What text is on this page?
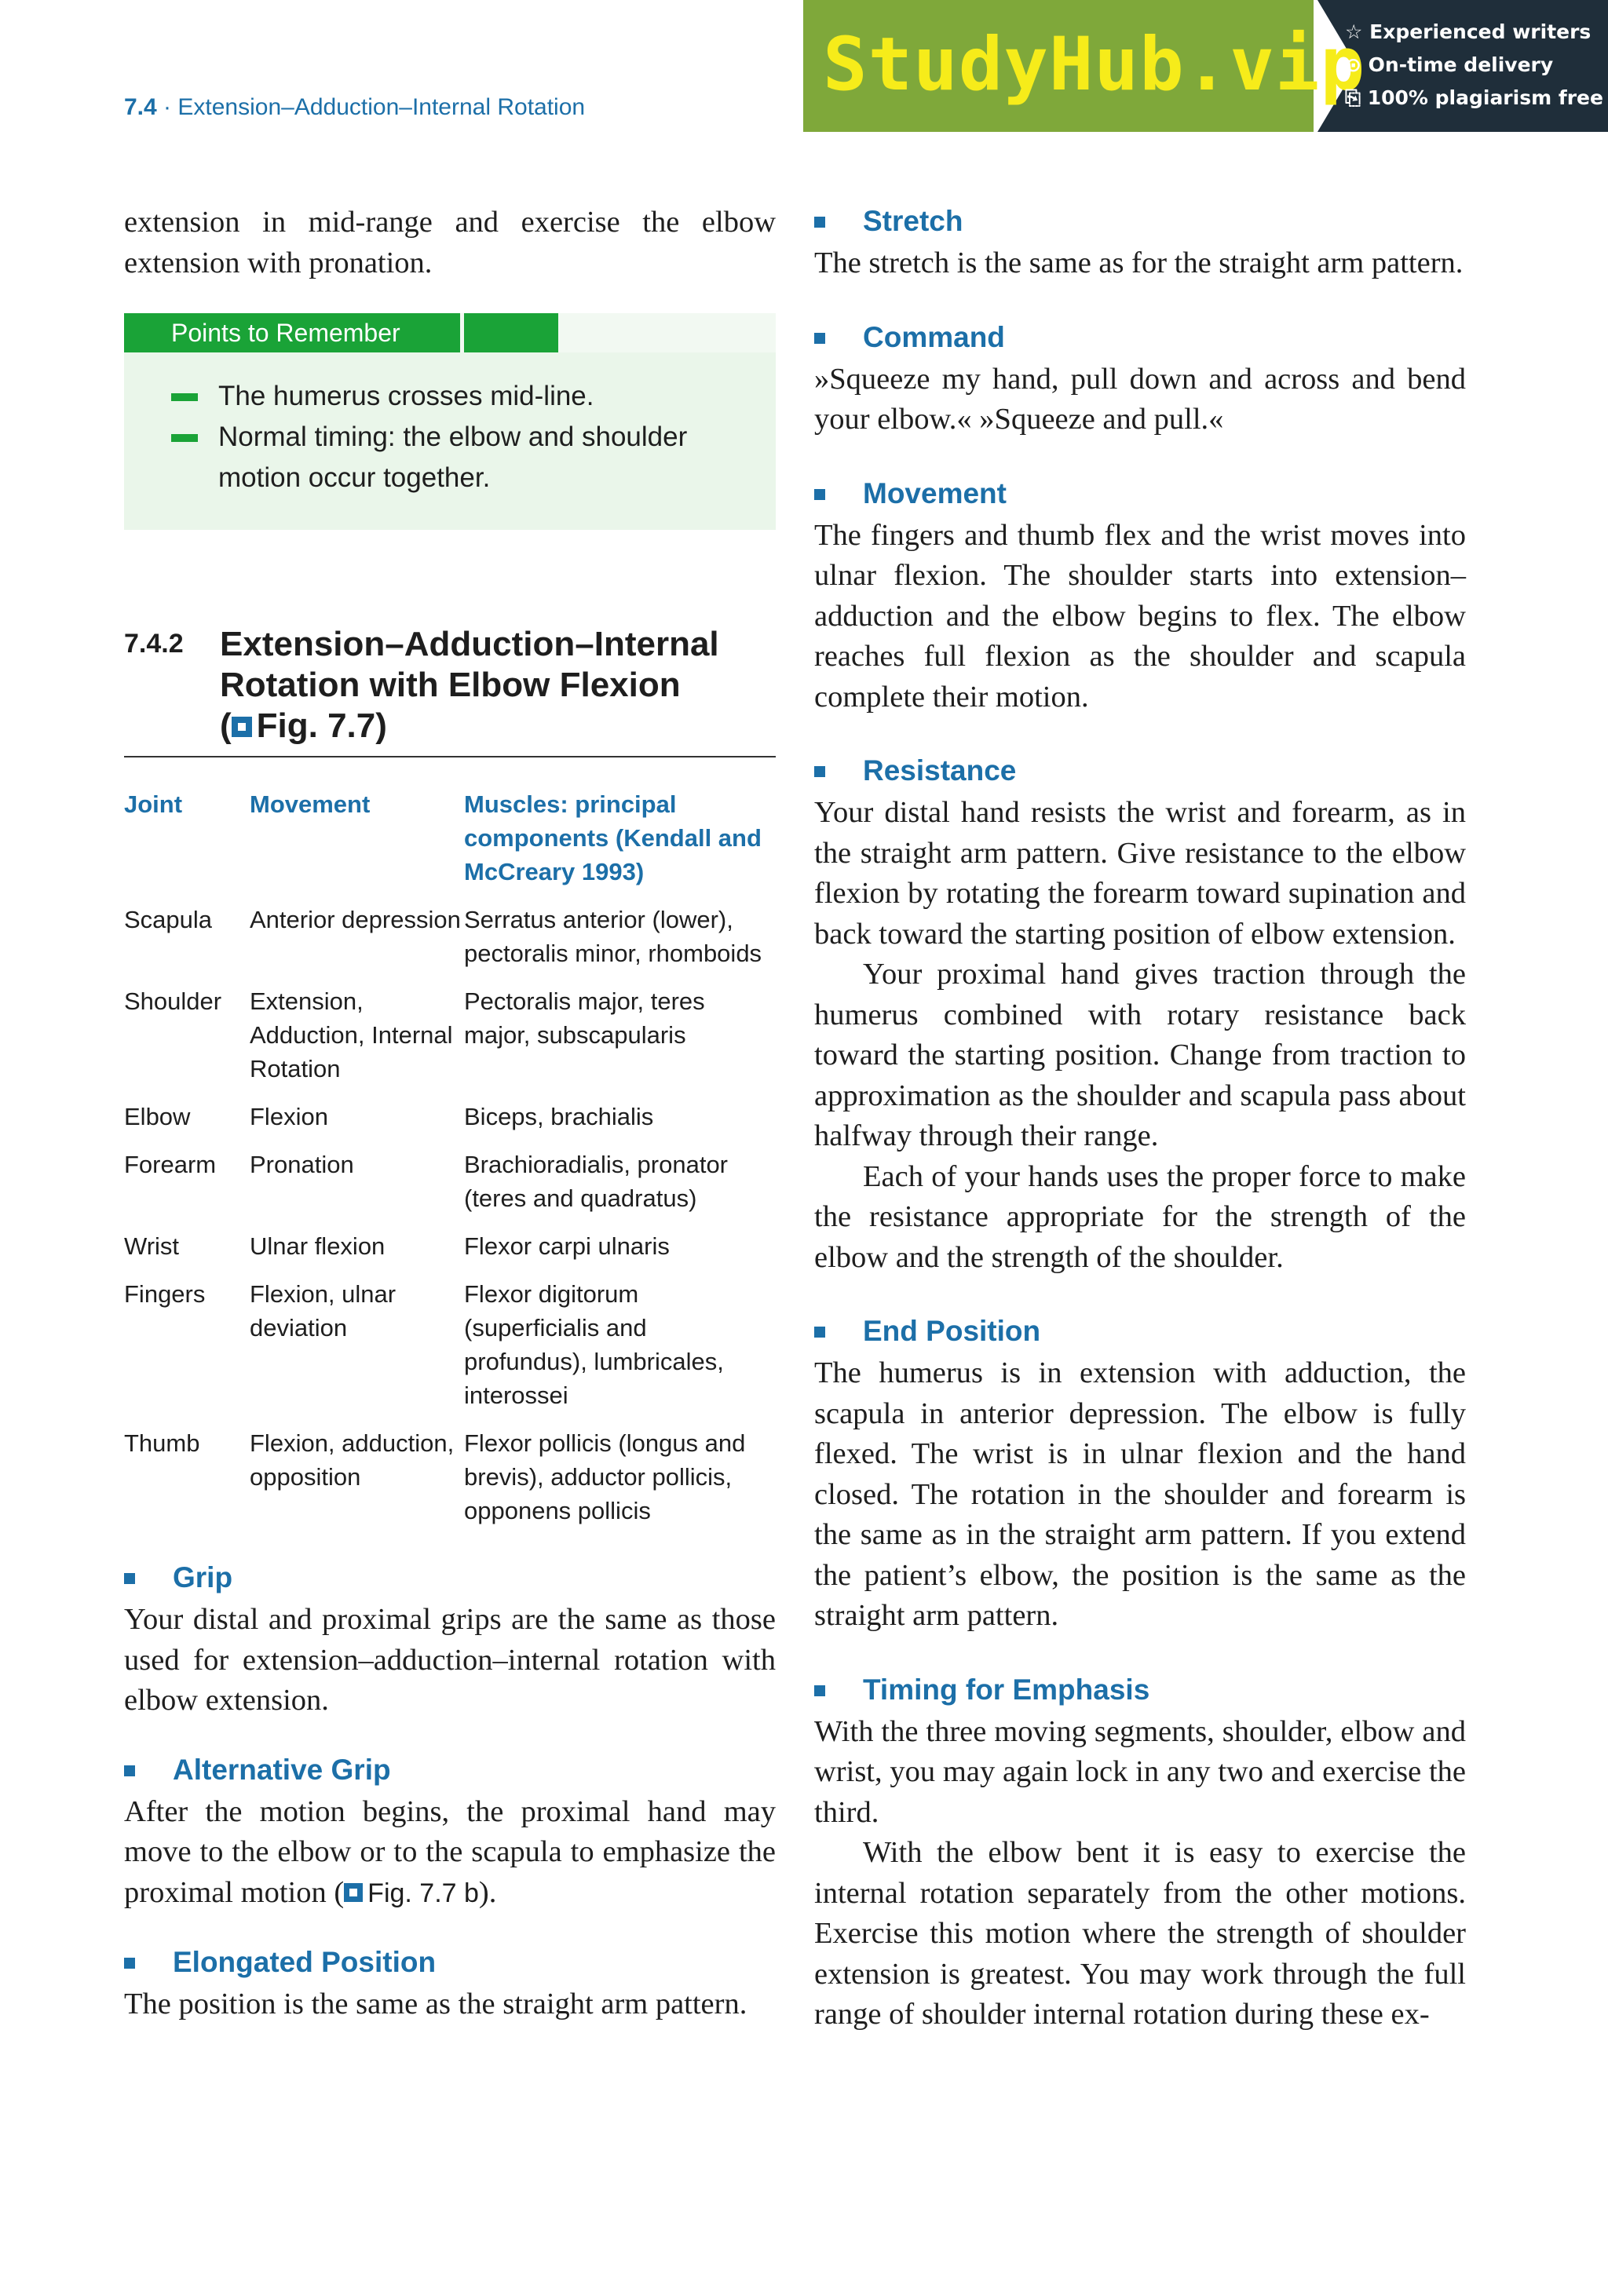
7.4 · Extension–Adduction–Internal Rotation	StudyHub.vip
☆ Experienced writers
⊙ On-time delivery
⎘ 100% plagiarism free

extension in mid-range and exercise the elbow extension with pronation.

Points to Remember
The humerus crosses mid-line.
Normal timing: the elbow and shoulder motion occur together.
7.4.2 Extension–Adduction–Internal
Rotation with Elbow Flexion
( Fig. 7.7)
Joint	Movement	Muscles: principal components (Kendall and McCreary 1993)
Scapula	Anterior depression	Serratus anterior (lower), pectoralis minor, rhomboids
Shoulder	Extension, Adduction, Internal Rotation	Pectoralis major, teres major, subscapularis
Elbow	Flexion	Biceps, brachialis
Forearm	Pronation	Brachioradialis, pronator (teres and quadratus)
Wrist	Ulnar flexion	Flexor carpi ulnaris
Fingers	Flexion, ulnar deviation	Flexor digitorum (superficialis and profundus), lumbricales, interossei
Thumb	Flexion, adduction, opposition	Flexor pollicis (longus and brevis), adductor pollicis, opponens pollicis
Grip

Your distal and proximal grips are the same as those used for extension–adduction–internal rotation with elbow extension.

Alternative Grip

After the motion begins, the proximal hand may move to the elbow or to the scapula to emphasize the proximal motion ( Fig. 7.7 b).

Elongated Position

The position is the same as the straight arm pattern.

Stretch

The stretch is the same as for the straight arm pattern.

Command

»Squeeze my hand, pull down and across and bend your elbow.« »Squeeze and pull.«

Movement

The fingers and thumb flex and the wrist moves into ulnar flexion. The shoulder starts into extension–adduction and the elbow begins to flex. The elbow reaches full flexion as the shoulder and scapula complete their motion.

Resistance

Your distal hand resists the wrist and forearm, as in the straight arm pattern. Give resistance to the elbow flexion by rotating the forearm toward supination and back toward the starting position of elbow extension.

Your proximal hand gives traction through the humerus combined with rotary resistance back toward the starting position. Change from traction to approximation as the shoulder and scapula pass about halfway through their range.

Each of your hands uses the proper force to make the resistance appropriate for the strength of the elbow and the strength of the shoulder.

End Position

The humerus is in extension with adduction, the scapula in anterior depression. The elbow is fully flexed. The wrist is in ulnar flexion and the hand closed. The rotation in the shoulder and forearm is the same as in the straight arm pattern. If you extend the patient’s elbow, the position is the same as the straight arm pattern.

Timing for Emphasis

With the three moving segments, shoulder, elbow and wrist, you may again lock in any two and exercise the third.

With the elbow bent it is easy to exercise the internal rotation separately from the other motions. Exercise this motion where the strength of shoulder extension is greatest. You may work through the full range of shoulder internal rotation during these ex-
